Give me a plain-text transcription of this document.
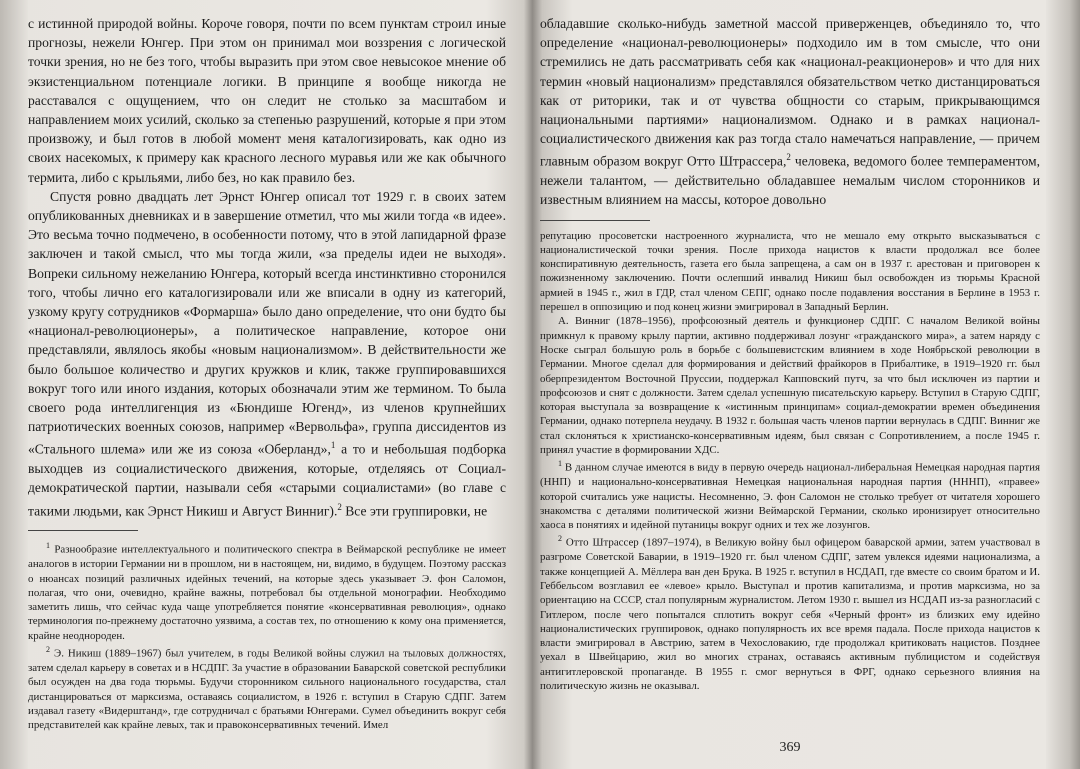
с истинной природой войны. Короче говоря, почти по всем пунктам строил иные прогнозы, нежели Юнгер. При этом он принимал мои воззрения с логической точки зрения, но не без того, чтобы выразить при этом свое невысокое мнение об экзистенциальном потенциале логики. В принципе я вообще никогда не расставался с ощущением, что он следит не столько за масштабом и направлением моих усилий, сколько за степенью разрушений, которые я при этом произвожу, и был готов в любой момент меня каталогизировать, как одно из своих насекомых, к примеру как красного лесного муравья или же как обычного термита, либо с крыльями, либо без, но как правило без.

Спустя ровно двадцать лет Эрнст Юнгер описал тот 1929 г. в своих затем опубликованных дневниках и в завершение отметил, что мы жили тогда «в идее». Это весьма точно подмечено, в особенности потому, что в этой лапидарной фразе заключен и такой смысл, что мы тогда жили, «за пределы идеи не выходя». Вопреки сильному нежеланию Юнгера, который всегда инстинктивно сторонился того, чтобы лично его каталогизировали или же вписали в одну из категорий, узкому кругу сотрудников «Формарша» было дано определение, что они будто бы «национал-революционеры», а политическое направление, которое они представляли, являлось якобы «новым национализмом». В действительности же было большое количество и других кружков и клик, также группировавшихся вокруг того или иного издания, которых обозначали этим же термином. То была своего рода интеллигенция из «Бюндише Югенд», из членов крупнейших патриотических военных союзов, например «Вервольфа», группа диссидентов из «Стального шлема» или же из союза «Оберланд»,$^1$ а то и небольшая подборка выходцев из социалистического движения, которые, отделяясь от Социал-демократической партии, называли себя «старыми социалистами» (во главе с такими людьми, как Эрнст Никиш и Август Винниг).$^2$ Все эти группировки, не

$^1$ Разнообразие интеллектуального и политического спектра в Веймарской республике не имеет аналогов в истории Германии ни в прошлом, ни в настоящем, ни, видимо, в будущем. Поэтому рассказ о нюансах позиций различных идейных течений, на которые здесь указывает Э. фон Саломон, полагая, что они, очевидно, крайне важны, потребовал бы отдельной монографии. Необходимо заметить лишь, что сейчас куда чаще употребляется понятие «консервативная революция», однако терминология по-прежнему достаточно уязвима, а состав тех, по отношению к кому она применяется, крайне неоднороден.

$^2$ Э. Никиш (1889–1967) был учителем, в годы Великой войны служил на тыловых должностях, затем сделал карьеру в советах и в НСДПГ. За участие в образовании Баварской советской республики был осужден на два года тюрьмы. Будучи сторонником сильного национального государства, стал дистанцироваться от марксизма, оставаясь социалистом, в 1926 г. вступил в Старую СДПГ. Затем издавал газету «Видерштанд», где сотрудничал с братьями Юнгерами. Сумел объединить вокруг себя представителей как крайне левых, так и правоконсервативных течений. Имел

обладавшие сколько-нибудь заметной массой приверженцев, объединяло то, что определение «национал-революционеры» подходило им в том смысле, что они стремились не дать рассматривать себя как «национал-реакционеров» и что для них термин «новый национализм» представлялся обязательством четко дистанцироваться как от риторики, так и от чувства общности со старым, прикрывающимся национальными партиями» национализмом. Однако и в рамках национал-социалистического движения как раз тогда стало намечаться направление, — причем главным образом вокруг Отто Штрассера,$^2$ человека, ведомого более темпераментом, нежели талантом, — действительно обладавшее немалым числом сторонников и известным влиянием на массы, которое довольно

репутацию просоветски настроенного журналиста, что не мешало ему открыто высказываться с националистической точки зрения. После прихода нацистов к власти продолжал все более конспиративную деятельность, газета его была запрещена, а сам он в 1937 г. арестован и приговорен к пожизненному заключению. Почти ослепший инвалид Никиш был освобожден из тюрьмы Красной армией в 1945 г., жил в ГДР, стал членом СЕПГ, однако после подавления восстания в Берлине в 1953 г. перешел в оппозицию и под конец жизни эмигрировал в Западный Берлин.

А. Винниг (1878–1956), профсоюзный деятель и функционер СДПГ. С началом Великой войны примкнул к правому крылу партии, активно поддерживал лозунг «гражданского мира», а затем наряду с Носке сыграл большую роль в борьбе с большевистским влиянием в ходе Ноябрьской революции в Германии. Многое сделал для формирования и действий фрайкоров в Прибалтике, в 1919–1920 гг. был оберпрезидентом Восточной Пруссии, поддержал Капповский путч, за что был исключен из партии и профсоюзов и снят с должности. Затем сделал успешную писательскую карьеру. Вступил в Старую СДПГ, которая выступала за возвращение к «истинным принципам» социал-демократии времен объединения Германии, однако потерпела неудачу. В 1932 г. большая часть членов партии вернулась в СДПГ. Винниг же стал склоняться к христианско-консервативным идеям, был связан с Сопротивлением, а после 1945 г. принял участие в формировании ХДС.

$^1$ В данном случае имеются в виду в первую очередь национал-либеральная Немецкая народная партия (ННП) и национально-консервативная Немецкая национальная народная партия (НННП), «правее» которой считались уже нацисты. Несомненно, Э. фон Саломон не столько требует от читателя хорошего знакомства с деталями политической жизни Веймарской Германии, сколько иронизирует относительно хаоса в понятиях и идейной путаницы вокруг одних и тех же лозунгов.

$^2$ Отто Штрассер (1897–1974), в Великую войну был офицером баварской армии, затем участвовал в разгроме Советской Баварии, в 1919–1920 гг. был членом СДПГ, затем увлекся идеями национализма, а также концепцией А. Мёллера ван ден Брука. В 1925 г. вступил в НСДАП, где вместе со своим братом и И. Геббельсом возглавил ее «левое» крыло. Выступал и против капитализма, и против марксизма, но за ориентацию на СССР, стал популярным журналистом. Летом 1930 г. вышел из НСДАП из-за разногласий с Гитлером, после чего попытался сплотить вокруг себя «Черный фронт» из близких ему идейно националистических группировок, однако популярность их все время падала. После прихода нацистов к власти эмигрировал в Австрию, затем в Чехословакию, где продолжал критиковать нацистов. Позднее уехал в Швейцарию, жил во многих странах, оставаясь активным публицистом и содействуя антигитлеровской пропаганде. В 1955 г. смог вернуться в ФРГ, однако серьезного влияния на политическую жизнь не оказывал.

369
